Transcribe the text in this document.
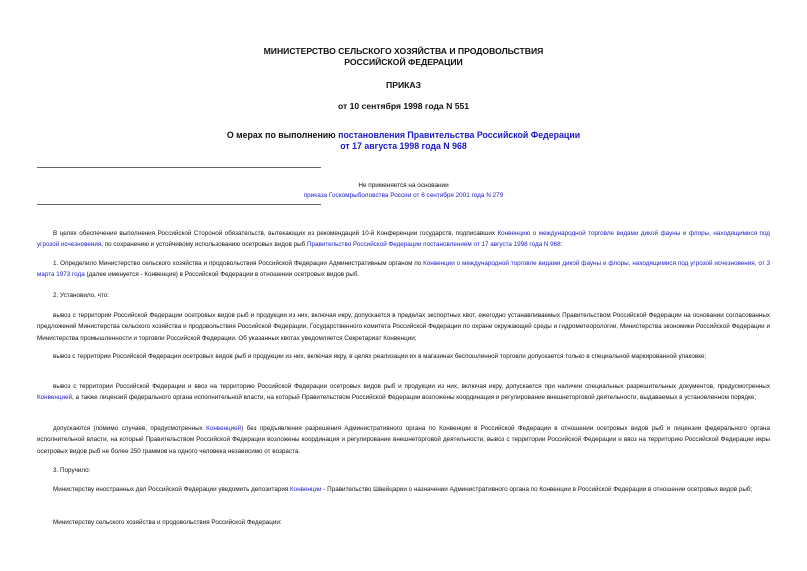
МИНИСТЕРСТВО СЕЛЬСКОГО ХОЗЯЙСТВА И ПРОДОВОЛЬСТВИЯ
РОССИЙСКОЙ ФЕДЕРАЦИИ
ПРИКАЗ
от 10 сентября 1998 года N 551
О мерах по выполнению постановления Правительства Российской Федерации
от 17 августа 1998 года N 968
Не применяется на основании
приказа Госкомрыболовства России от 6 сентября 2001 года N 279

В целях обеспечения выполнения Российской Стороной обязательств, вытекающих из рекомендаций 10-й Конференции государств, подписавших Конвенцию о международной торговле видами дикой фауны и флоры, находящимися под угрозой исчезновения, по сохранению и устойчивому использованию осетровых видов рыб Правительство Российской Федерации постановлением от 17 августа 1998 года N 968:

1. Определило Министерство сельского хозяйства и продовольствия Российской Федерации Административным органом по Конвенции о международной торговле видами дикой фауны и флоры, находящимися под угрозой исчезновения, от 3 марта 1973 года (далее именуется - Конвенция) в Российской Федерации в отношении осетровых видов рыб.

2. Установило, что:

вывоз с территории Российской Федерации осетровых видов рыб и продукции из них, включая икру, допускается в пределах экспортных квот, ежегодно устанавливаемых Правительством Российской Федерации на основании согласованных предложений Министерства сельского хозяйства и продовольствия Российской Федерации, Государственного комитета Российской Федерации по охране окружающей среды и гидрометеорологии, Министерства экономики Российской Федерации и Министерства промышленности и торговли Российской Федерации. Об указанных квотах уведомляется Секретариат Конвенции;

вывоз с территории Российской Федерации осетровых видов рыб и продукции из них, включая икру, в целях реализации их в магазинах беспошлинной торговли допускается только в специальной маркированной упаковке;

вывоз с территории Российской Федерации и ввоз на территорию Российской Федерации осетровых видов рыб и продукции из них, включая икру, допускается при наличии специальных разрешительных документов, предусмотренных Конвенцией, а также лицензий федерального органа исполнительной власти, на который Правительством Российской Федерации возложены координация и регулирование внешнеторговой деятельности, выдаваемых в установленном порядке;

допускаются (помимо случаев, предусмотренных Конвенцией) без предъявления разрешения Административного органа по Конвенции в Российской Федерации в отношении осетровых видов рыб и лицензии федерального органа исполнительной власти, на который Правительством Российской Федерации возложены координация и регулирование внешнеторговой деятельности, вывоз с территории Российской Федерации и ввоз на территорию Российской Федерации икры осетровых видов рыб не более 250 граммов на одного человека независимо от возраста.

3. Поручило:

Министерству иностранных дел Российской Федерации уведомить депозитария Конвенции - Правительство Швейцарии о назначении Административного органа по Конвенции в Российской Федерации в отношении осетровых видов рыб;

Министерству сельского хозяйства и продовольствия Российской Федерации:
